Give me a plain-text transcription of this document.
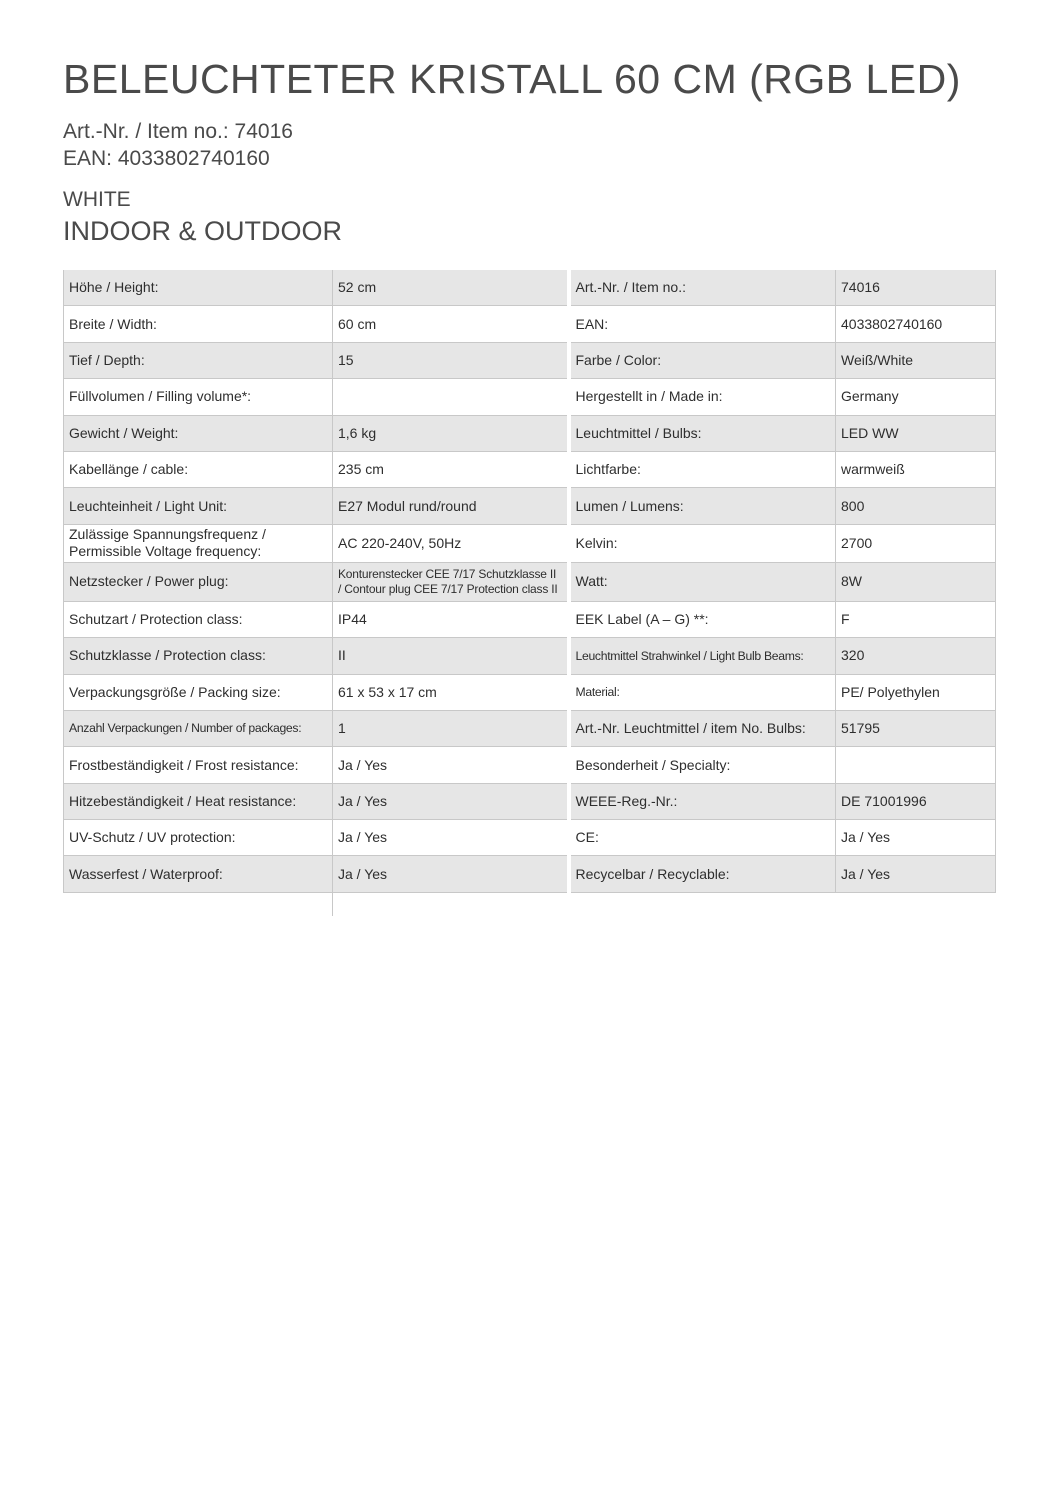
BELEUCHTETER KRISTALL 60 CM (RGB LED)
Art.-Nr. / Item no.: 74016
EAN: 4033802740160
WHITE
INDOOR & OUTDOOR
Höhe / Height:	52 cm	Art.-Nr. / Item no.:	74016
Breite / Width:	60 cm	EAN:	4033802740160
Tief / Depth:	15	Farbe / Color:	Weiß/White
Füllvolumen / Filling volume*:		Hergestellt in / Made in:	Germany
Gewicht / Weight:	1,6 kg	Leuchtmittel / Bulbs:	LED WW
Kabellänge / cable:	235 cm	Lichtfarbe:	warmweiß
Leuchteinheit / Light Unit:	E27 Modul rund/round	Lumen / Lumens:	800
Zulässige Spannungsfrequenz / Permissible Voltage frequency:	AC 220-240V, 50Hz	Kelvin:	2700
Netzstecker / Power plug:	Konturenstecker CEE 7/17 Schutzklasse II / Contour plug CEE 7/17 Protection class II	Watt:	8W
Schutzart / Protection class:	IP44	EEK Label (A – G) **:	F
Schutzklasse / Protection class:	II	Leuchtmittel Strahwinkel / Light Bulb Beams:	320
Verpackungsgröße / Packing size:	61 x 53 x 17 cm	Material:	PE/ Polyethylen
Anzahl Verpackungen / Number of packages:	1	Art.-Nr. Leuchtmittel / item No. Bulbs:	51795
Frostbeständigkeit / Frost resistance:	Ja / Yes	Besonderheit / Specialty:	
Hitzebeständigkeit / Heat resistance:	Ja / Yes	WEEE-Reg.-Nr.:	DE 71001996
UV-Schutz / UV protection:	Ja / Yes	CE:	Ja / Yes
Wasserfest / Waterproof:	Ja / Yes	Recycelbar / Recyclable:	Ja / Yes
